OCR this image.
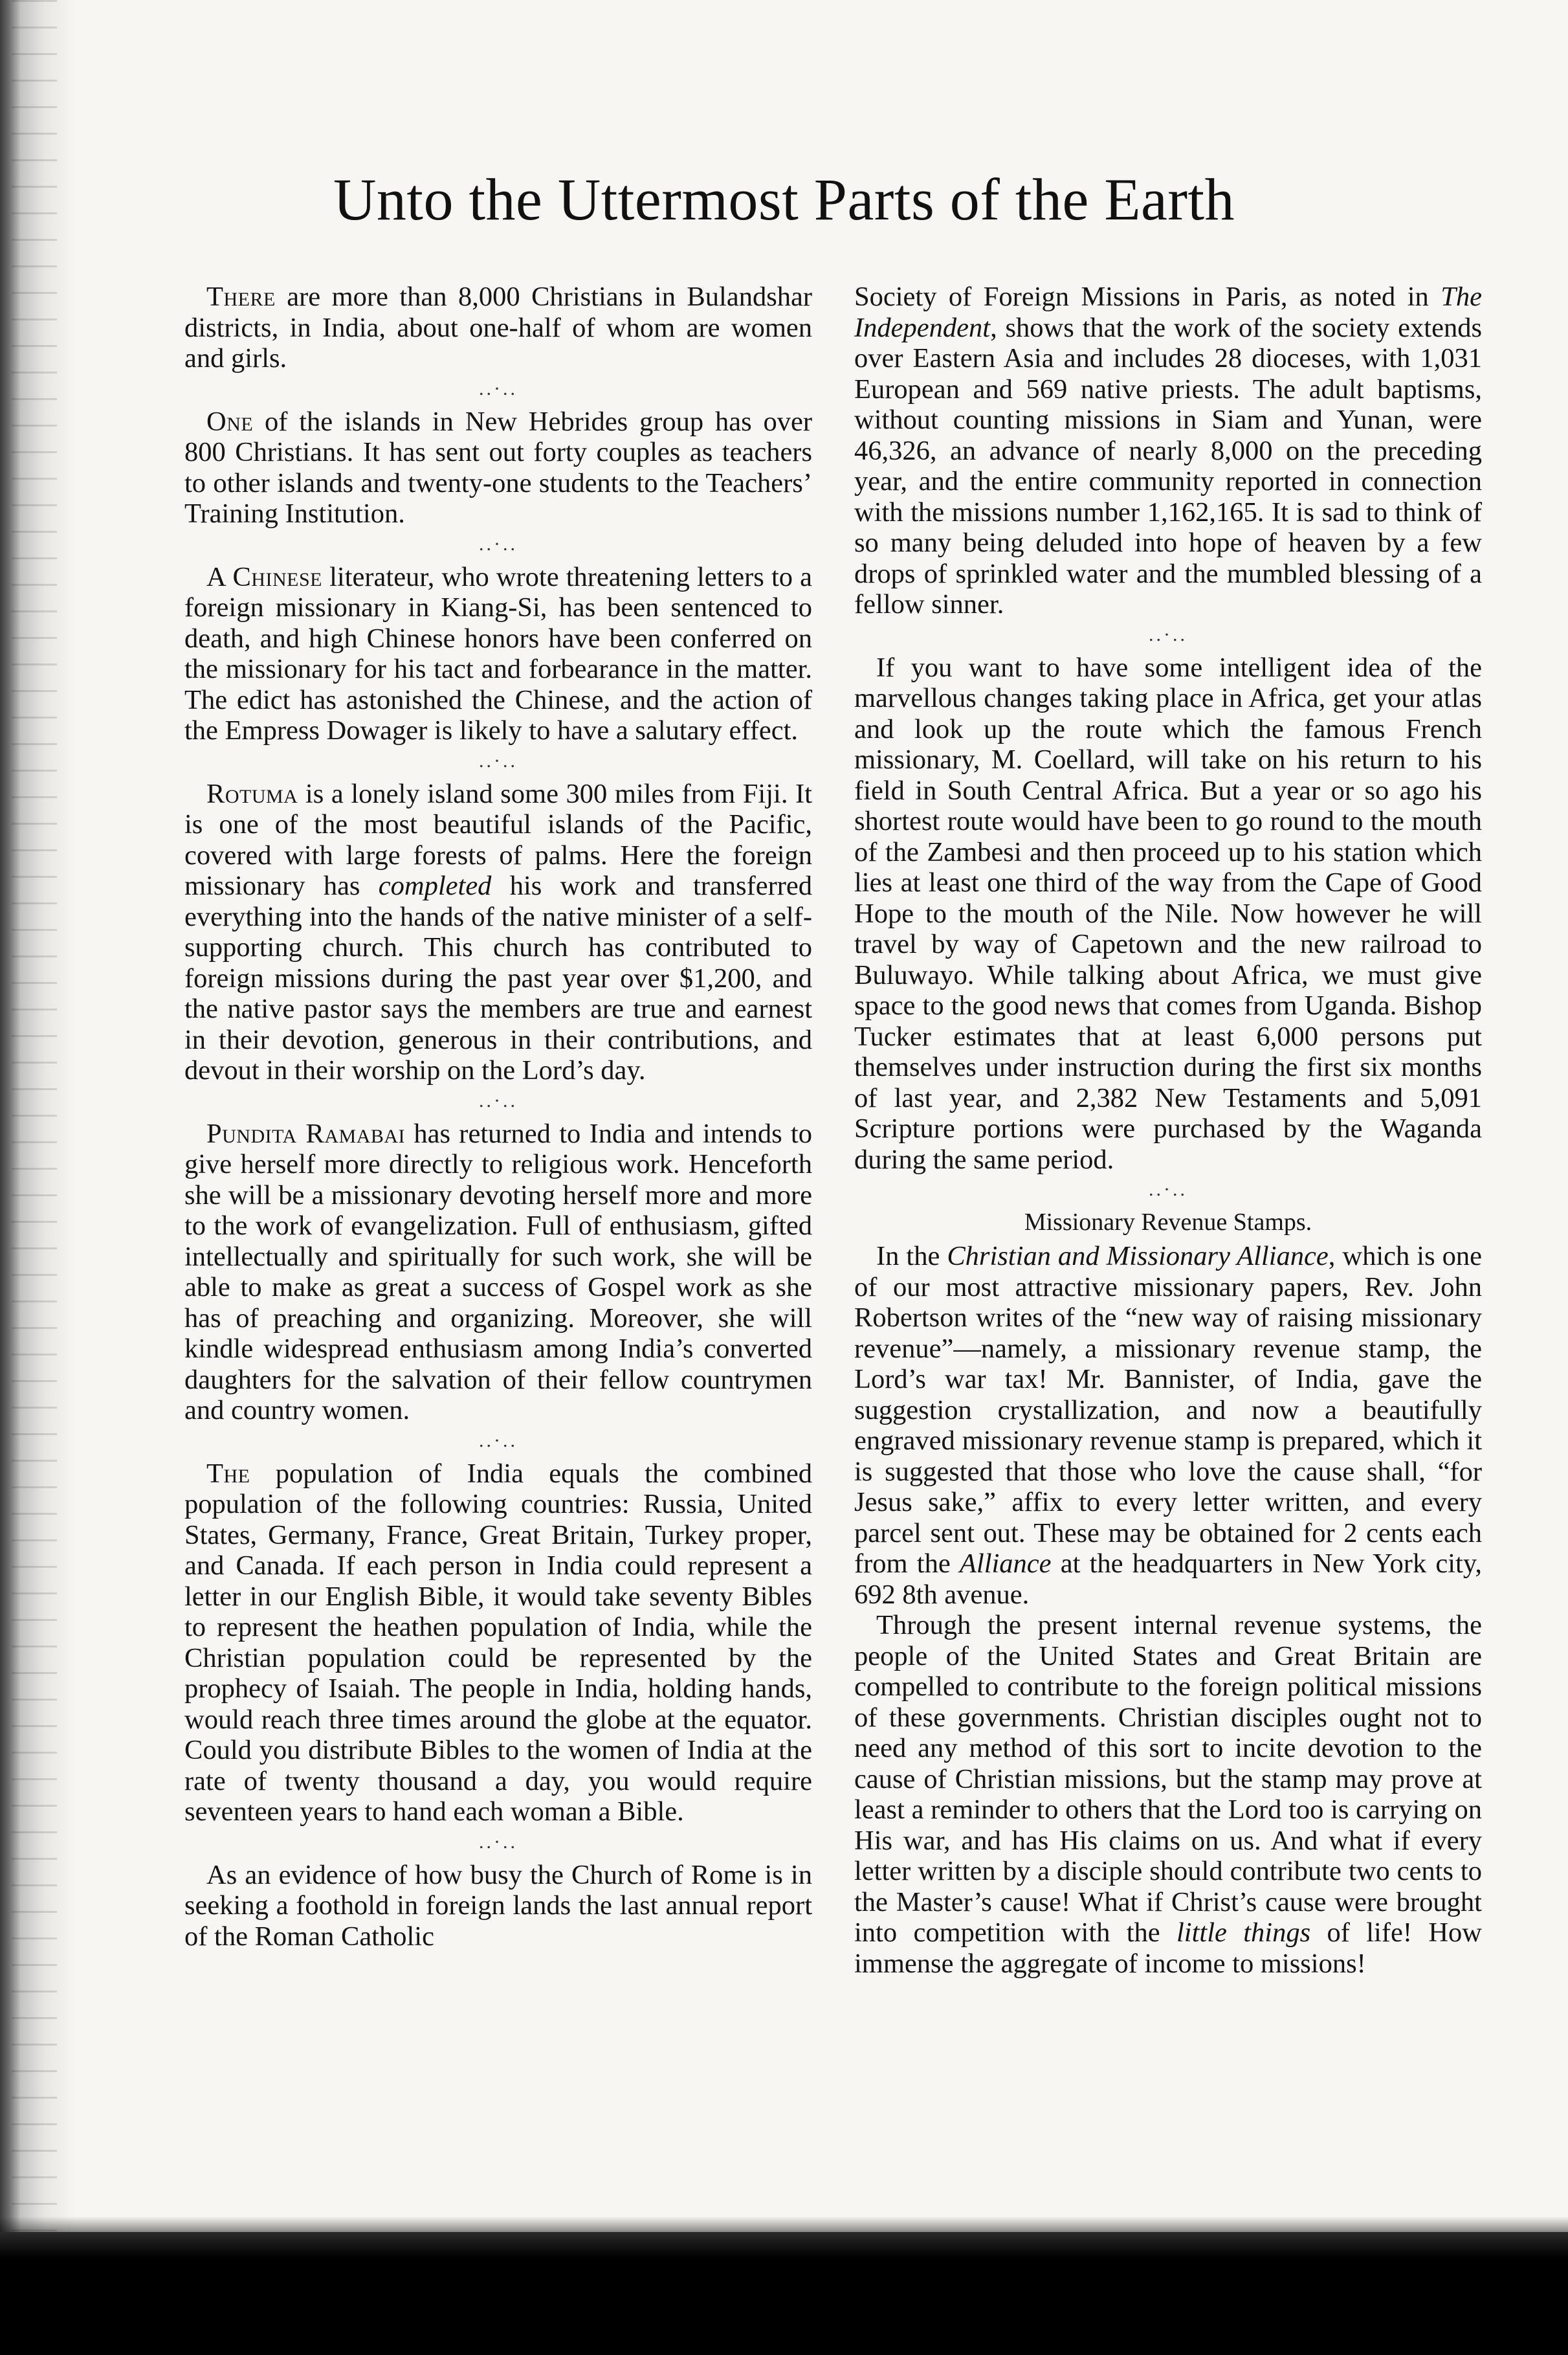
Unto the Uttermost Parts of the Earth

There are more than 8,000 Christians in Bulandshar districts, in India, about one-half of whom are women and girls.

..·..

One of the islands in New Hebrides group has over 800 Christians. It has sent out forty couples as teachers to other islands and twenty-one students to the Teachers’ Training Institution.

..·..

A Chinese literateur, who wrote threatening letters to a foreign missionary in Kiang-Si, has been sentenced to death, and high Chinese honors have been conferred on the missionary for his tact and forbearance in the matter. The edict has astonished the Chinese, and the action of the Empress Dowager is likely to have a salutary effect.

..·..

Rotuma is a lonely island some 300 miles from Fiji. It is one of the most beautiful islands of the Pacific, covered with large forests of palms. Here the foreign missionary has completed his work and transferred everything into the hands of the native minister of a self-supporting church. This church has contributed to foreign missions during the past year over $1,200, and the native pastor says the members are true and earnest in their devotion, generous in their contributions, and devout in their worship on the Lord’s day.

..·..

Pundita Ramabai has returned to India and intends to give herself more directly to religious work. Henceforth she will be a missionary devoting herself more and more to the work of evangelization. Full of enthusiasm, gifted intellectually and spiritually for such work, she will be able to make as great a success of Gospel work as she has of preaching and organizing. Moreover, she will kindle widespread enthusiasm among India’s converted daughters for the salvation of their fellow countrymen and country women.

..·..

The population of India equals the combined population of the following countries: Russia, United States, Germany, France, Great Britain, Turkey proper, and Canada. If each person in India could represent a letter in our English Bible, it would take seventy Bibles to represent the heathen population of India, while the Christian population could be represented by the prophecy of Isaiah. The people in India, holding hands, would reach three times around the globe at the equator. Could you distribute Bibles to the women of India at the rate of twenty thousand a day, you would require seventeen years to hand each woman a Bible.

..·..

As an evidence of how busy the Church of Rome is in seeking a foothold in foreign lands the last annual report of the Roman Catholic

Society of Foreign Missions in Paris, as noted in The Independent, shows that the work of the society extends over Eastern Asia and includes 28 dioceses, with 1,031 European and 569 native priests. The adult baptisms, without counting missions in Siam and Yunan, were 46,326, an advance of nearly 8,000 on the preceding year, and the entire community reported in connection with the missions number 1,162,165. It is sad to think of so many being deluded into hope of heaven by a few drops of sprinkled water and the mumbled blessing of a fellow sinner.

..·..

If you want to have some intelligent idea of the marvellous changes taking place in Africa, get your atlas and look up the route which the famous French missionary, M. Coellard, will take on his return to his field in South Central Africa. But a year or so ago his shortest route would have been to go round to the mouth of the Zambesi and then proceed up to his station which lies at least one third of the way from the Cape of Good Hope to the mouth of the Nile. Now however he will travel by way of Capetown and the new railroad to Buluwayo. While talking about Africa, we must give space to the good news that comes from Uganda. Bishop Tucker estimates that at least 6,000 persons put themselves under instruction during the first six months of last year, and 2,382 New Testaments and 5,091 Scripture portions were purchased by the Waganda during the same period.

..·..
Missionary Revenue Stamps.

In the Christian and Missionary Alliance, which is one of our most attractive missionary papers, Rev. John Robertson writes of the “new way of raising missionary revenue”—namely, a missionary revenue stamp, the Lord’s war tax! Mr. Bannister, of India, gave the suggestion crystallization, and now a beautifully engraved missionary revenue stamp is prepared, which it is suggested that those who love the cause shall, “for Jesus sake,” affix to every letter written, and every parcel sent out. These may be obtained for 2 cents each from the Alliance at the headquarters in New York city, 692 8th avenue.

Through the present internal revenue systems, the people of the United States and Great Britain are compelled to contribute to the foreign political missions of these governments. Christian disciples ought not to need any method of this sort to incite devotion to the cause of Christian missions, but the stamp may prove at least a reminder to others that the Lord too is carrying on His war, and has His claims on us. And what if every letter written by a disciple should contribute two cents to the Master’s cause! What if Christ’s cause were brought into competition with the little things of life! How immense the aggregate of income to missions!
